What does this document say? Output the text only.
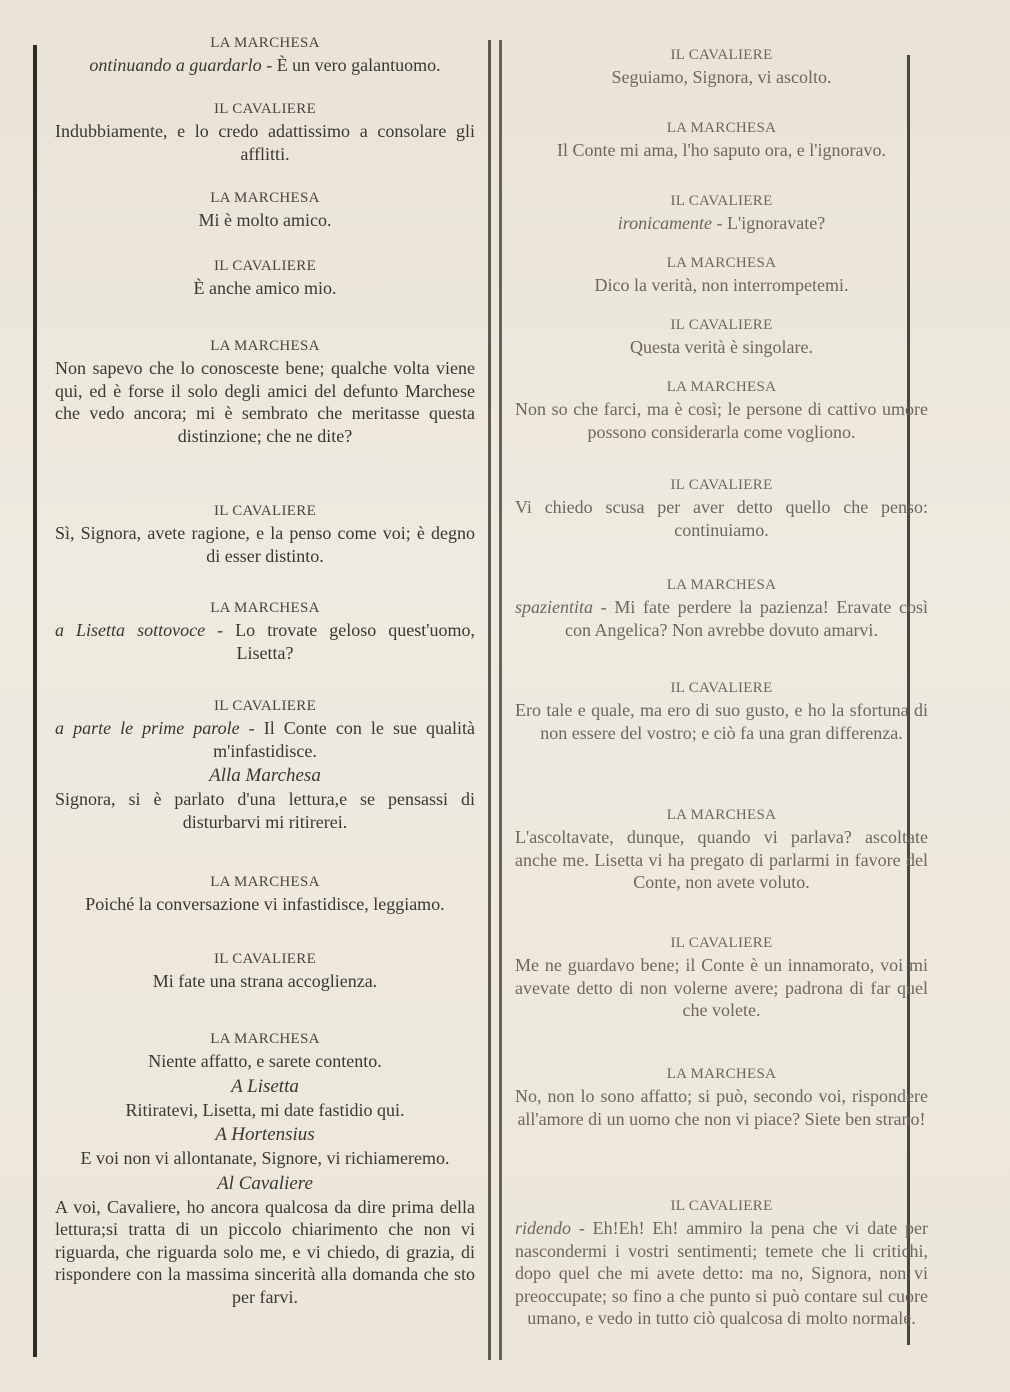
LA MARCHESA
ontinuando a guardarlo - È un vero galantuomo.
IL CAVALIERE
Indubbiamente, e lo credo adattissimo a consolare gli afflitti.
LA MARCHESA
Mi è molto amico.
IL CAVALIERE
È anche amico mio.
LA MARCHESA
Non sapevo che lo conosceste bene; qualche volta viene qui, ed è forse il solo degli amici del defunto Marchese che vedo ancora; mi è sembrato che meritasse questa distinzione; che ne dite?
IL CAVALIERE
Sì, Signora, avete ragione, e la penso come voi; è degno di esser distinto.
LA MARCHESA
a Lisetta sottovoce - Lo trovate geloso quest'uomo, Lisetta?
IL CAVALIERE
a parte le prime parole - Il Conte con le sue qualità m'infastidisce.
Alla Marchesa
Signora, si è parlato d'una lettura,e se pensassi di disturbarvi mi ritirerei.
LA MARCHESA
Poiché la conversazione vi infastidisce, leggiamo.
IL CAVALIERE
Mi fate una strana accoglienza.
LA MARCHESA
Niente affatto, e sarete contento.
A Lisetta
Ritiratevi, Lisetta, mi date fastidio qui.
A Hortensius
E voi non vi allontanate, Signore, vi richiameremo.
Al Cavaliere
A voi, Cavaliere, ho ancora qualcosa da dire prima della lettura;si tratta di un piccolo chiarimento che non vi riguarda, che riguarda solo me, e vi chiedo, di grazia, di rispondere con la massima sincerità alla domanda che sto per farvi.
IL CAVALIERE
Seguiamo, Signora, vi ascolto.
LA MARCHESA
Il Conte mi ama, l'ho saputo ora, e l'ignoravo.
IL CAVALIERE
ironicamente - L'ignoravate?
LA MARCHESA
Dico la verità, non interrompetemi.
IL CAVALIERE
Questa verità è singolare.
LA MARCHESA
Non so che farci, ma è così; le persone di cattivo umore possono considerarla come vogliono.
IL CAVALIERE
Vi chiedo scusa per aver detto quello che penso: continuiamo.
LA MARCHESA
spazientita - Mi fate perdere la pazienza! Eravate così con Angelica? Non avrebbe dovuto amarvi.
IL CAVALIERE
Ero tale e quale, ma ero di suo gusto, e ho la sfortuna di non essere del vostro; e ciò fa una gran differenza.
LA MARCHESA
L'ascoltavate, dunque, quando vi parlava? ascoltate anche me. Lisetta vi ha pregato di parlarmi in favore del Conte, non avete voluto.
IL CAVALIERE
Me ne guardavo bene; il Conte è un innamorato, voi mi avevate detto di non volerne avere; padrona di far quel che volete.
LA MARCHESA
No, non lo sono affatto; si può, secondo voi, rispondere all'amore di un uomo che non vi piace? Siete ben strano!
IL CAVALIERE
ridendo - Eh!Eh! Eh! ammiro la pena che vi date per nascondermi i vostri sentimenti; temete che li critichi, dopo quel che mi avete detto: ma no, Signora, non vi preoccupate; so fino a che punto si può contare sul cuore umano, e vedo in tutto ciò qualcosa di molto normale.
